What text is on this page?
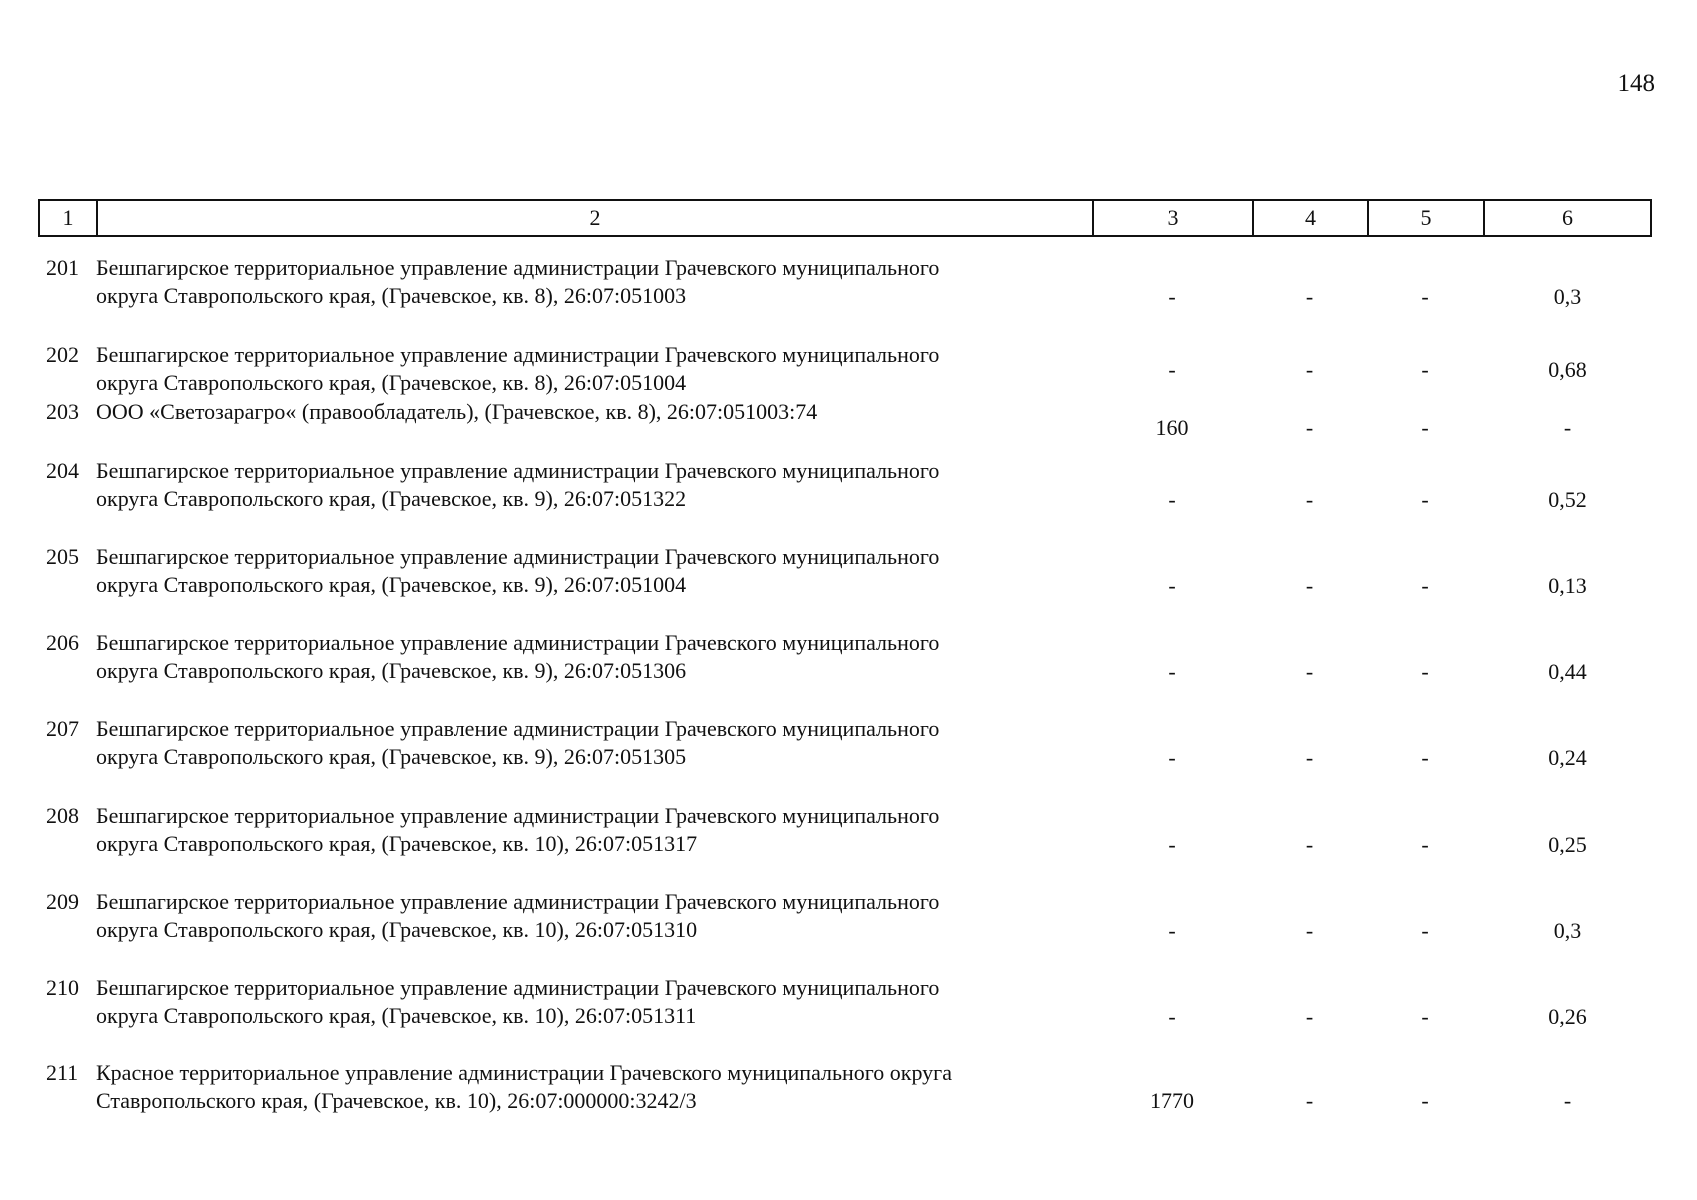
148
1	2	3	4	5	6
201 Бешпагирское территориальное управление администрации Грачевского муниципального
округа Ставропольского края, (Грачевское, кв. 8), 26:07:051003	-	-	-	0,3
202 Бешпагирское территориальное управление администрации Грачевского муниципального
округа Ставропольского края, (Грачевское, кв. 8), 26:07:051004
-	-	-	0,68
203 ООО «Светозарагро« (правообладатель), (Грачевское, кв. 8), 26:07:051003:74
160	-	-	-
204 Бешпагирское территориальное управление администрации Грачевского муниципального
округа Ставропольского края, (Грачевское, кв. 9), 26:07:051322	-	-	-	0,52
205 Бешпагирское территориальное управление администрации Грачевского муниципального
округа Ставропольского края, (Грачевское, кв. 9), 26:07:051004	-	-	-	0,13
206 Бешпагирское территориальное управление администрации Грачевского муниципального
округа Ставропольского края, (Грачевское, кв. 9), 26:07:051306	-	-	-	0,44
207 Бешпагирское территориальное управление администрации Грачевского муниципального
округа Ставропольского края, (Грачевское, кв. 9), 26:07:051305	-	-	-	0,24
208 Бешпагирское территориальное управление администрации Грачевского муниципального
округа Ставропольского края, (Грачевское, кв. 10), 26:07:051317	-	-	-	0,25
209 Бешпагирское территориальное управление администрации Грачевского муниципального
округа Ставропольского края, (Грачевское, кв. 10), 26:07:051310	-	-	-	0,3
210 Бешпагирское территориальное управление администрации Грачевского муниципального
округа Ставропольского края, (Грачевское, кв. 10), 26:07:051311	-	-	-	0,26
211 Красное территориальное управление администрации Грачевского муниципального округа
Ставропольского края, (Грачевское, кв. 10), 26:07:000000:3242/3	1770	-	-	-
